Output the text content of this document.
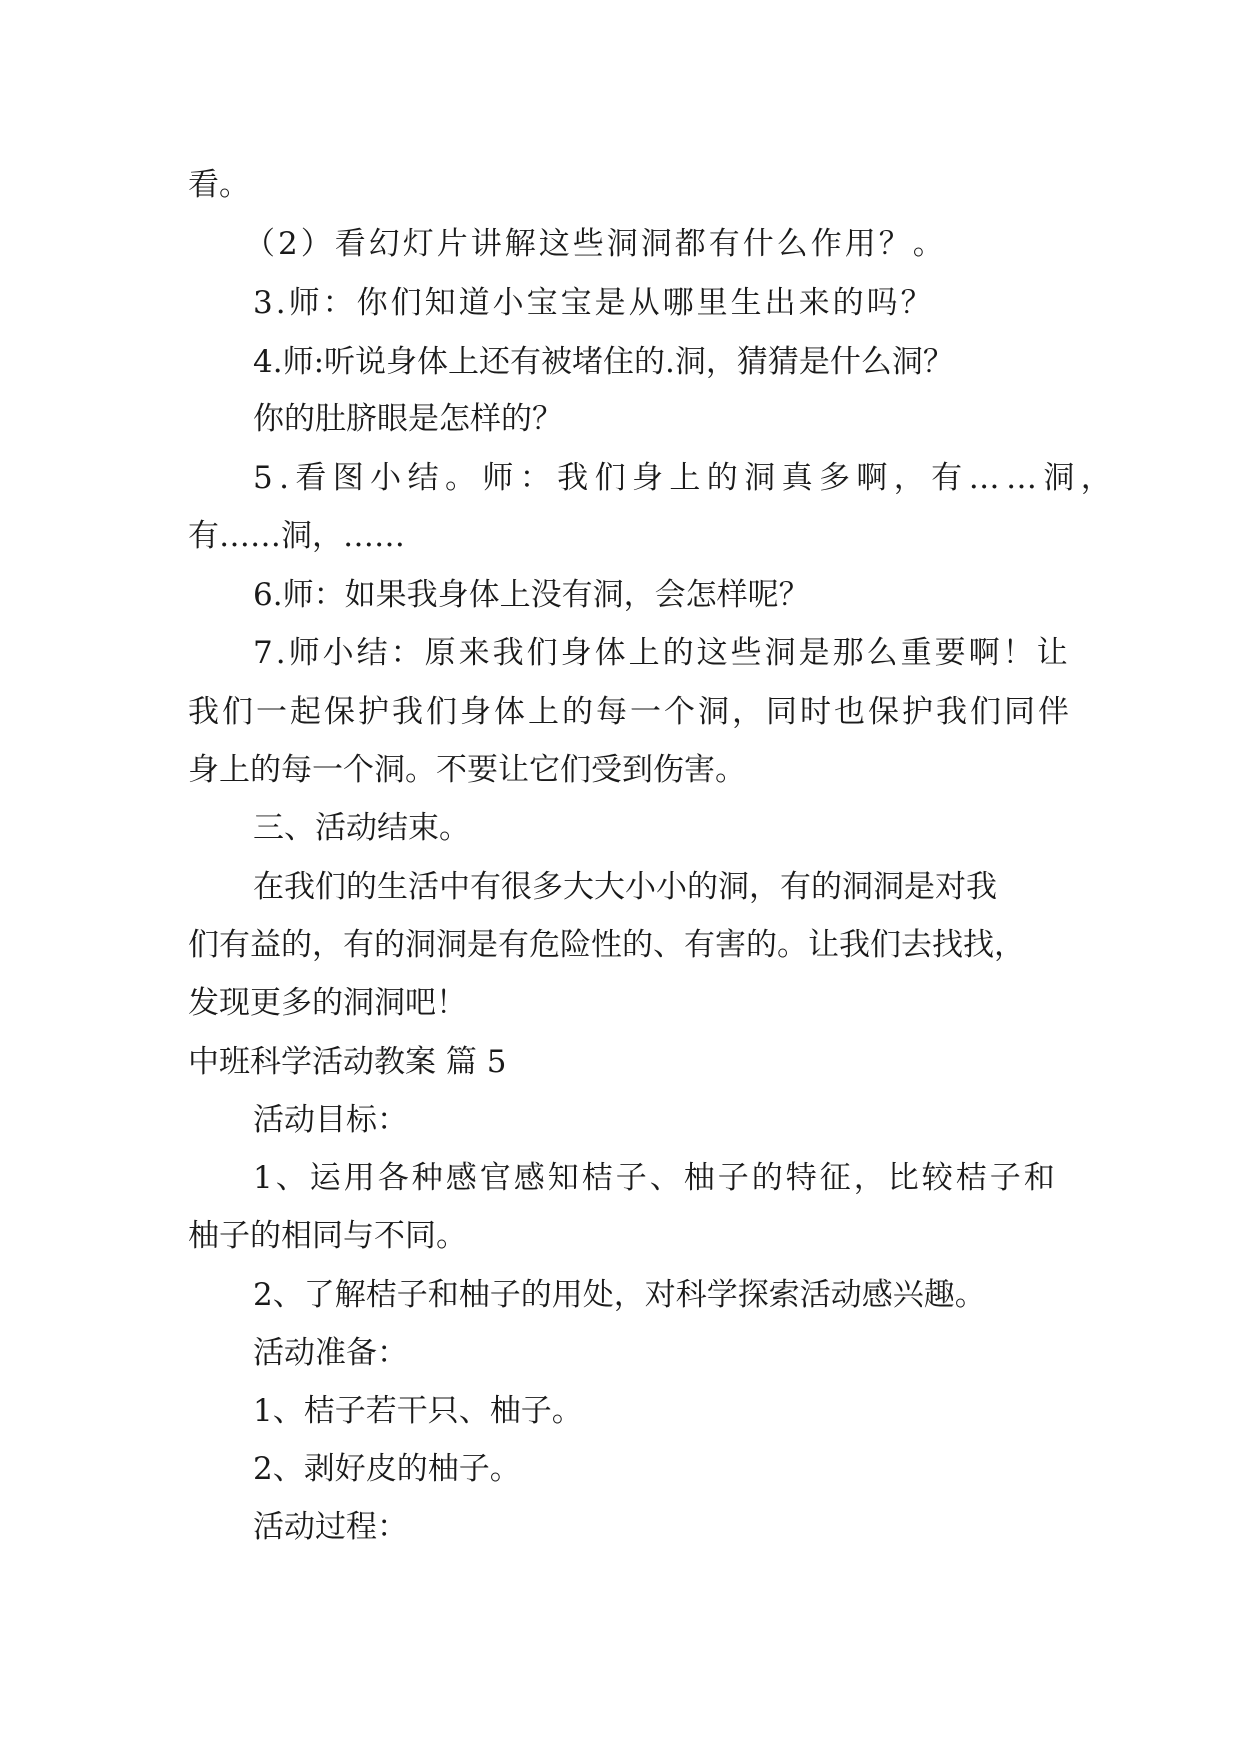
看。

（2）看幻灯片讲解这些洞洞都有什么作用？。

3.师：你们知道小宝宝是从哪里生出来的吗？

4.师:听说身体上还有被堵住的.洞，猜猜是什么洞？

你的肚脐眼是怎样的？

5.看图小结。师：我们身上的洞真多啊，有……洞，

有……洞，……

6.师：如果我身体上没有洞，会怎样呢？

7.师小结：原来我们身体上的这些洞是那么重要啊！让

我们一起保护我们身体上的每一个洞，同时也保护我们同伴

身上的每一个洞。不要让它们受到伤害。

三、活动结束。

在我们的生活中有很多大大小小的洞，有的洞洞是对我

们有益的，有的洞洞是有危险性的、有害的。让我们去找找，

发现更多的洞洞吧！

中班科学活动教案 篇 5

活动目标：

1、运用各种感官感知桔子、柚子的特征，比较桔子和

柚子的相同与不同。

2、了解桔子和柚子的用处，对科学探索活动感兴趣。

活动准备：

1、桔子若干只、柚子。

2、剥好皮的柚子。

活动过程：
